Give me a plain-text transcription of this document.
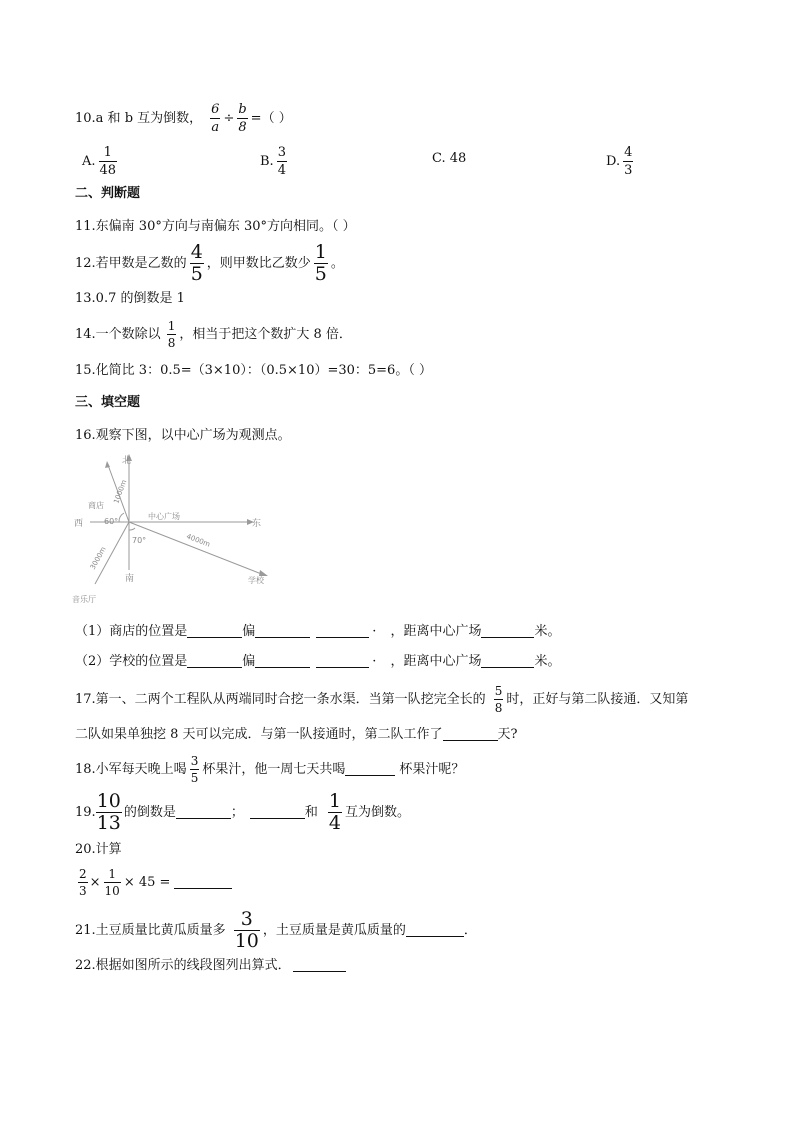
10.a 和 b 互为倒数， $\frac{6}{a} \div \frac{b}{8}$ =（ ）
A. $\frac{1}{48}$	B. $\frac{3}{4}$	C. 48	D. $\frac{4}{3}$
二、判断题
11.东偏南 30°方向与南偏东 30°方向相同。（ ）
12.若甲数是乙数的 $\frac{4}{5}$ ，则甲数比乙数少 $\frac{1}{5}$ 。
13.0.7 的倒数是 1
14.一个数除以 $\frac{1}{8}$ ，相当于把这个数扩大 8 倍．
15.化简比 3：0.5=（3×10）：（0.5×10）=30：5=6。（ ）
三、填空题
16.观察下图，以中心广场为观测点。
北
南
东
西
中心广场
商店
学校
音乐厅
60°
70°
1000m
4000m
3000m
（1）商店的位置是	偏	· ，距离中心广场	米。
（2）学校的位置是	偏	· ，距离中心广场	米。
17.第一、二两个工程队从两端同时合挖一条水渠．当第一队挖完全长的 $\frac{5}{8}$ 时，正好与第二队接通．又知第
二队如果单独挖 8 天可以完成．与第一队接通时，第二队工作了	天?
18.小军每天晚上喝 $\frac{3}{5}$ 杯果汁，他一周七天共喝	杯果汁呢？
19. $\frac{10}{13}$ 的倒数是	；	和 $\frac{1}{4}$ 互为倒数。
20.计算
$\frac{2}{3} \times \frac{1}{10} \times 45$ =
21.土豆质量比黄瓜质量多 $\frac{3}{10}$ ，土豆质量是黄瓜质量的	．
22.根据如图所示的线段图列出算式．
